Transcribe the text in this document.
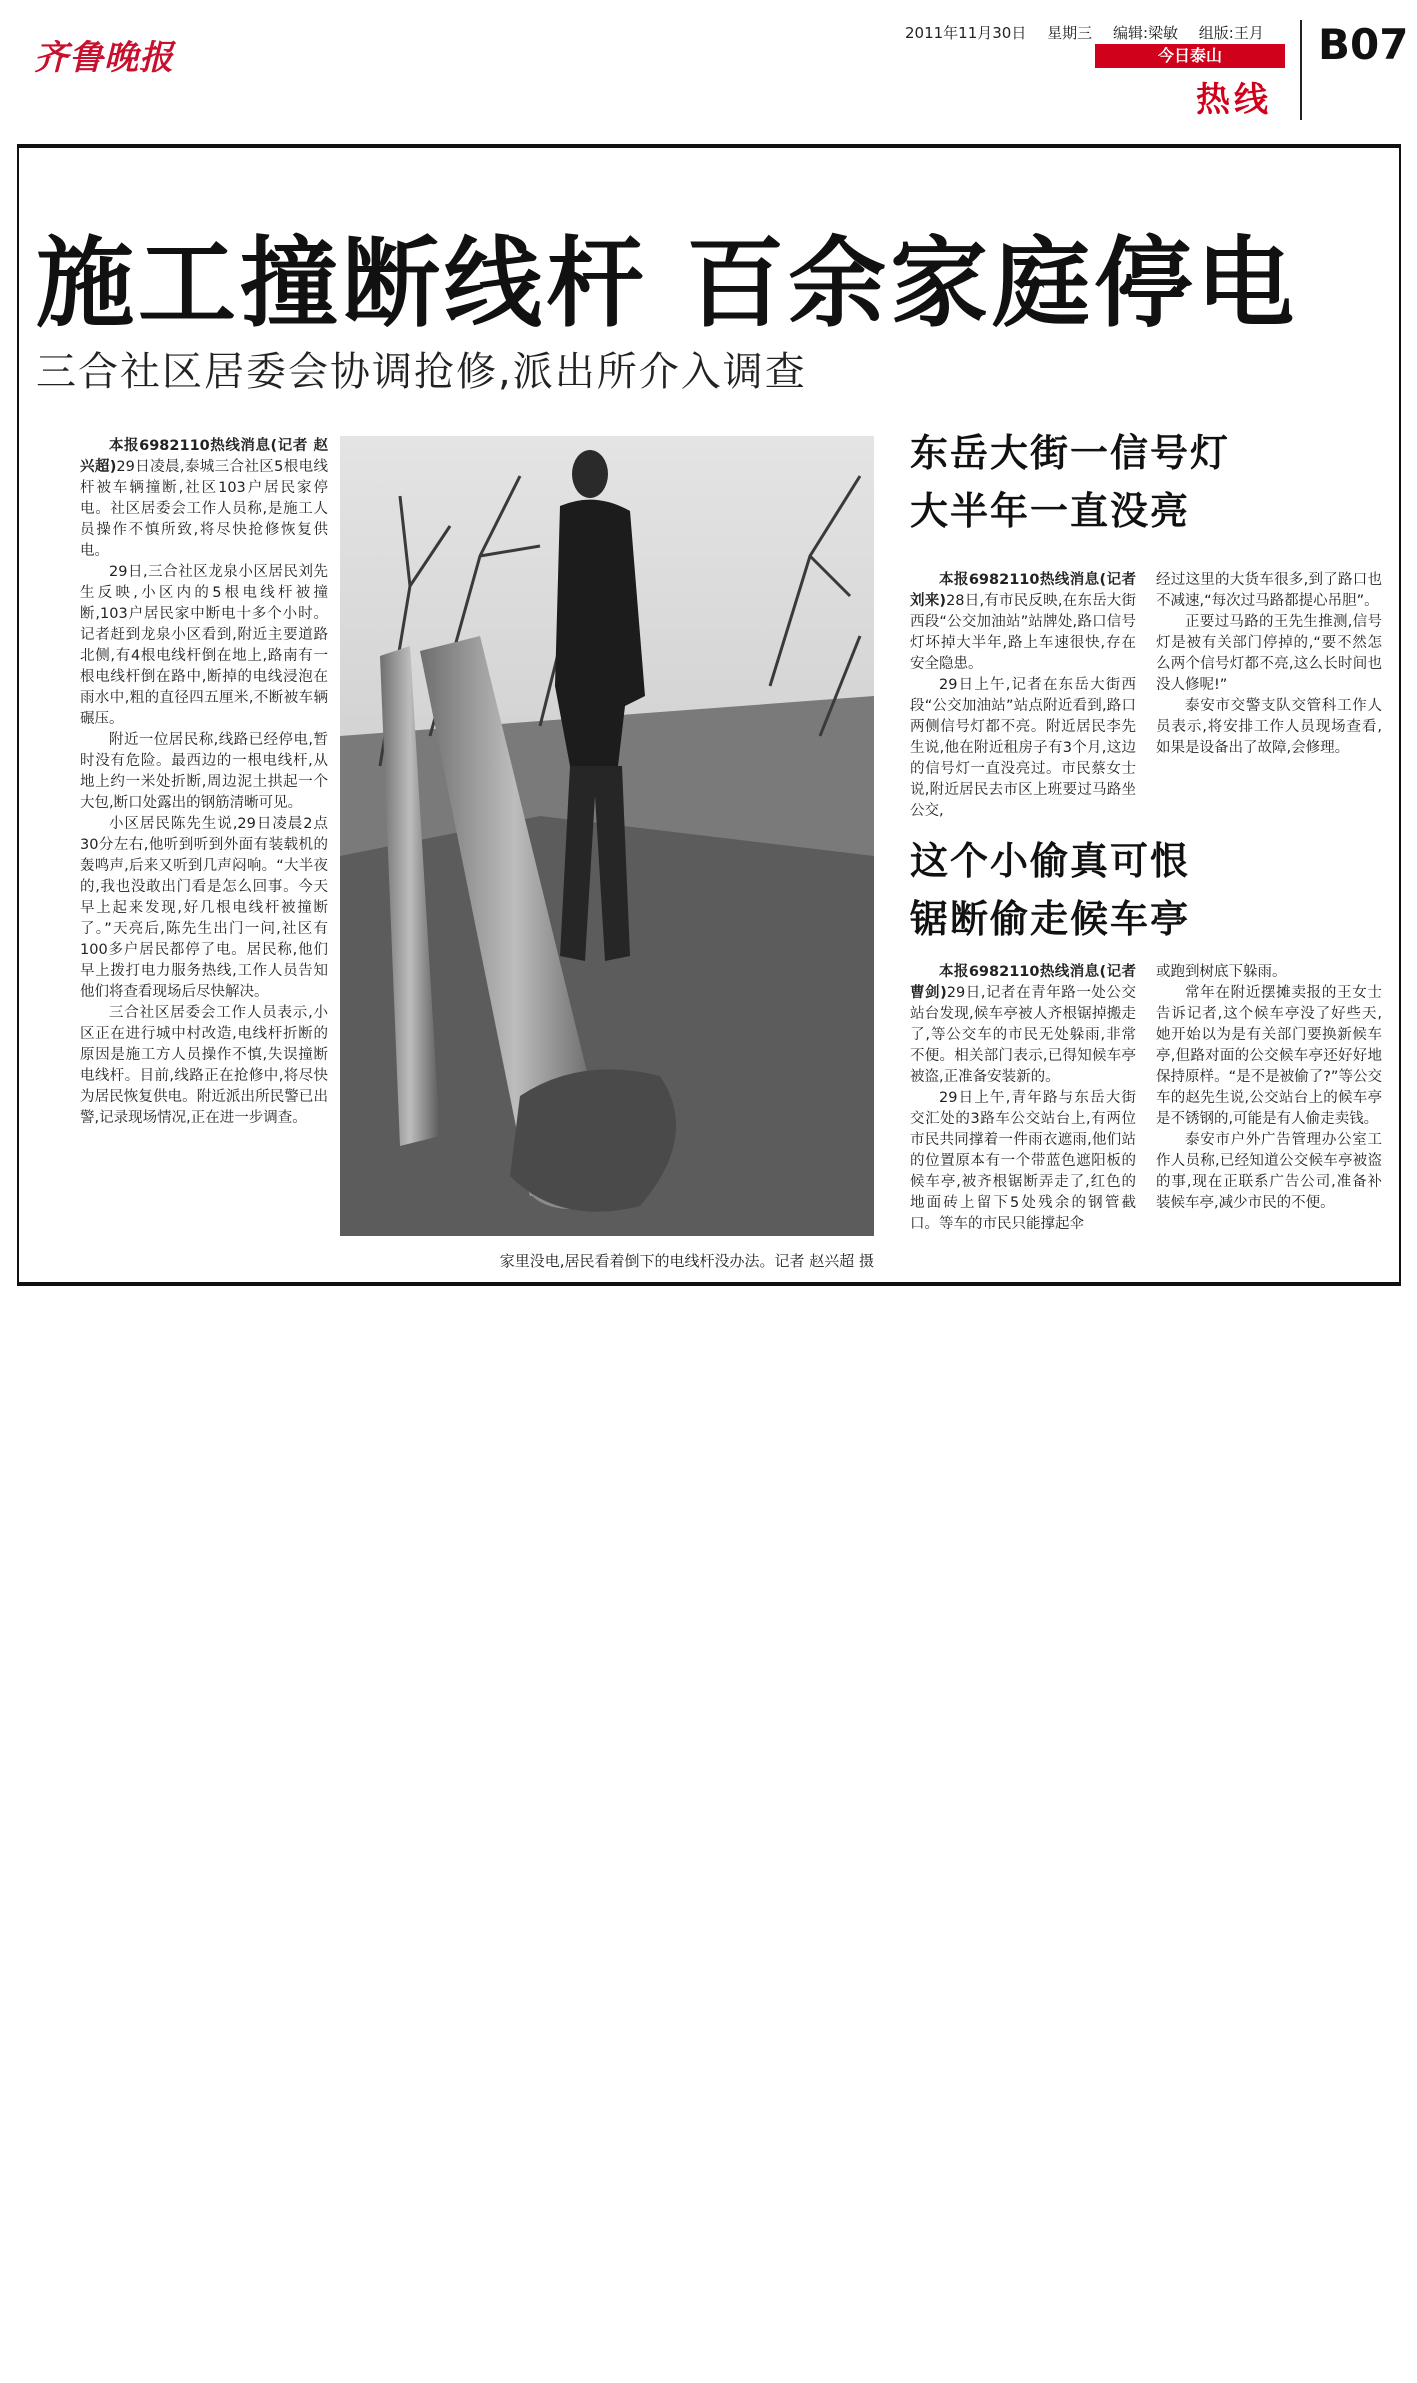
齐鲁晚报
2011年11月30日 星期三 编辑:梁敏 组版:王月
今日泰山
热线
B07
施工撞断线杆 百余家庭停电
三合社区居委会协调抢修,派出所介入调查

本报6982110热线消息(记者 赵兴超)29日凌晨,泰城三合社区5根电线杆被车辆撞断,社区103户居民家停电。社区居委会工作人员称,是施工人员操作不慎所致,将尽快抢修恢复供电。

29日,三合社区龙泉小区居民刘先生反映,小区内的5根电线杆被撞断,103户居民家中断电十多个小时。记者赶到龙泉小区看到,附近主要道路北侧,有4根电线杆倒在地上,路南有一根电线杆倒在路中,断掉的电线浸泡在雨水中,粗的直径四五厘米,不断被车辆碾压。

附近一位居民称,线路已经停电,暂时没有危险。最西边的一根电线杆,从地上约一米处折断,周边泥土拱起一个大包,断口处露出的钢筋清晰可见。

小区居民陈先生说,29日凌晨2点30分左右,他听到听到外面有装载机的轰鸣声,后来又听到几声闷响。“大半夜的,我也没敢出门看是怎么回事。今天早上起来发现,好几根电线杆被撞断了。”天亮后,陈先生出门一问,社区有100多户居民都停了电。居民称,他们早上拨打电力服务热线,工作人员告知他们将查看现场后尽快解决。

三合社区居委会工作人员表示,小区正在进行城中村改造,电线杆折断的原因是施工方人员操作不慎,失误撞断电线杆。目前,线路正在抢修中,将尽快为居民恢复供电。附近派出所民警已出警,记录现场情况,正在进一步调查。

家里没电,居民看着倒下的电线杆没办法。记者 赵兴超 摄
东岳大街一信号灯
大半年一直没亮

本报6982110热线消息(记者 刘来)28日,有市民反映,在东岳大街西段“公交加油站”站牌处,路口信号灯坏掉大半年,路上车速很快,存在安全隐患。

29日上午,记者在东岳大街西段“公交加油站”站点附近看到,路口两侧信号灯都不亮。附近居民李先生说,他在附近租房子有3个月,这边的信号灯一直没亮过。市民蔡女士说,附近居民去市区上班要过马路坐公交,

经过这里的大货车很多,到了路口也不减速,“每次过马路都提心吊胆”。

正要过马路的王先生推测,信号灯是被有关部门停掉的,“要不然怎么两个信号灯都不亮,这么长时间也没人修呢!”

泰安市交警支队交管科工作人员表示,将安排工作人员现场查看,如果是设备出了故障,会修理。

这个小偷真可恨
锯断偷走候车亭

本报6982110热线消息(记者 曹剑)29日,记者在青年路一处公交站台发现,候车亭被人齐根锯掉搬走了,等公交车的市民无处躲雨,非常不便。相关部门表示,已得知候车亭被盗,正准备安装新的。

29日上午,青年路与东岳大街交汇处的3路车公交站台上,有两位市民共同撑着一件雨衣遮雨,他们站的位置原本有一个带蓝色遮阳板的候车亭,被齐根锯断弄走了,红色的地面砖上留下5处残余的钢管截口。等车的市民只能撑起伞

或跑到树底下躲雨。

常年在附近摆摊卖报的王女士告诉记者,这个候车亭没了好些天,她开始以为是有关部门要换新候车亭,但路对面的公交候车亭还好好地保持原样。“是不是被偷了?”等公交车的赵先生说,公交站台上的候车亭是不锈钢的,可能是有人偷走卖钱。

泰安市户外广告管理办公室工作人员称,已经知道公交候车亭被盗的事,现在正联系广告公司,准备补装候车亭,减少市民的不便。
